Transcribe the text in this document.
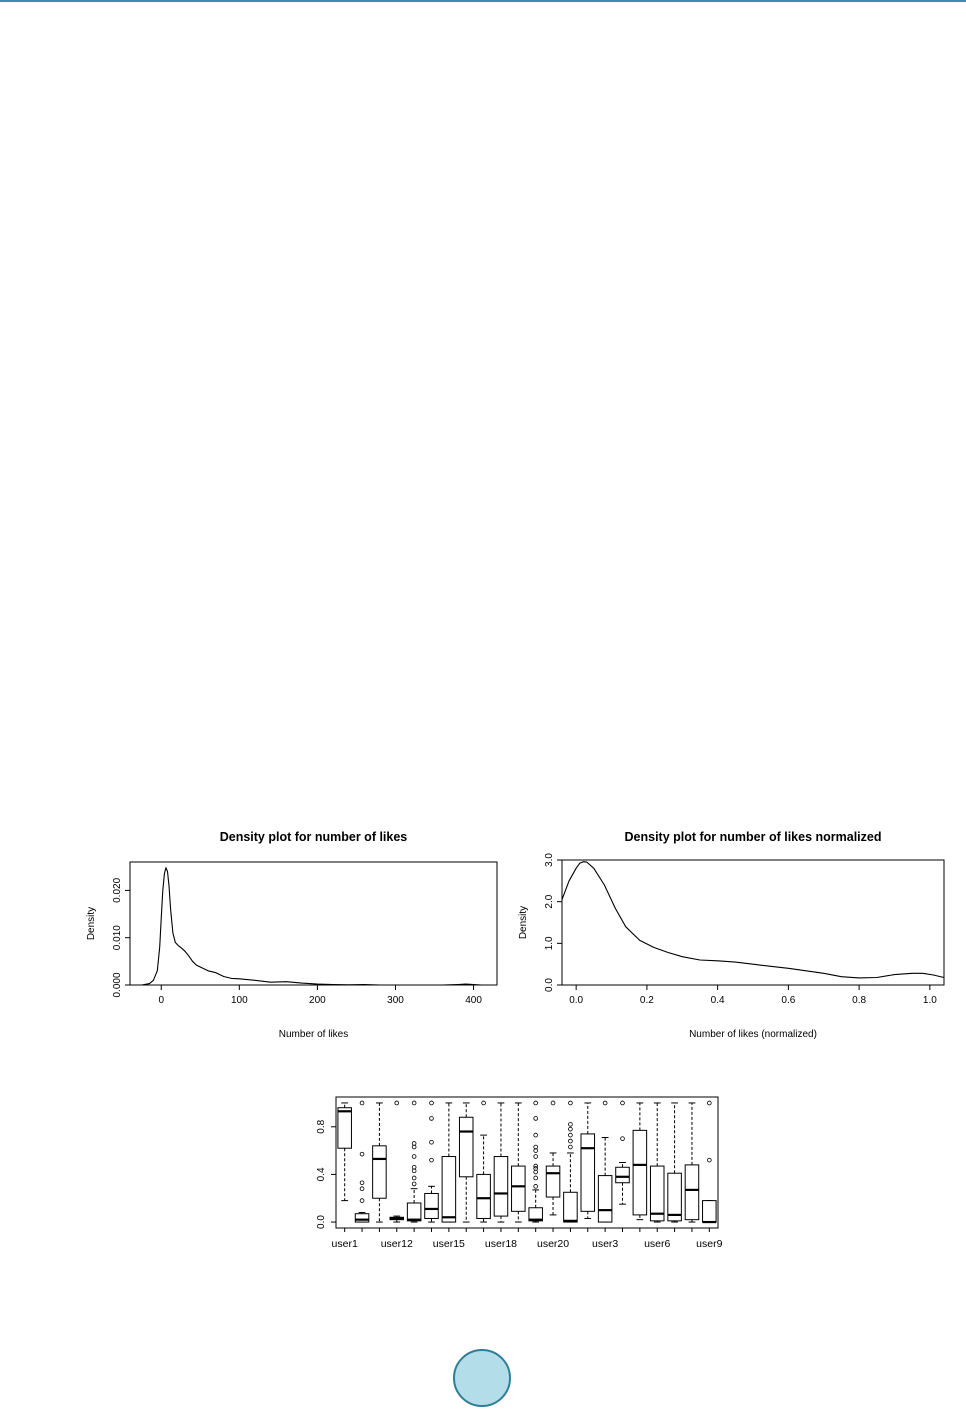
Density plot for number of likes
0	100	200	300	400
0.000
0.010
0.020
Number of likes
Density
Density plot for number of likes normalized
0.0	0.2	0.4	0.6	0.8	1.0
0.0
1.0
2.0
3.0
Number of likes (normalized)
Density
0.0
0.4
0.8
user1 user12 user15 user18 user20 user3 user6 user9
